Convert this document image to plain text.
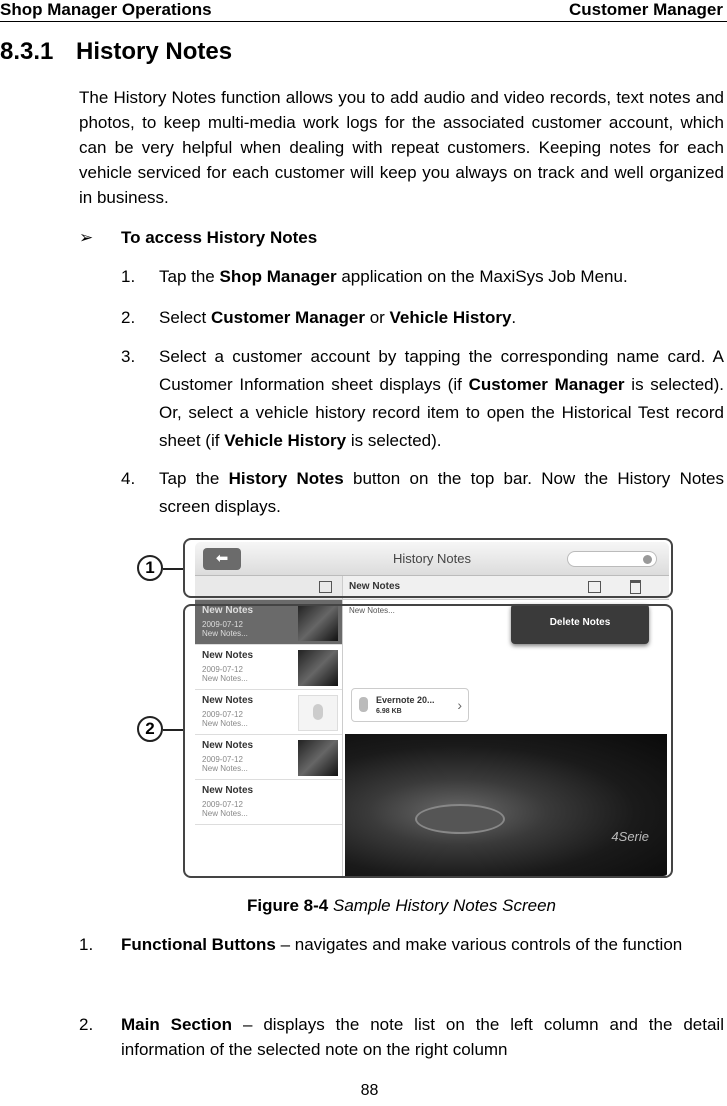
Shop Manager Operations	Customer Manager
8.3.1 History Notes
The History Notes function allows you to add audio and video records, text notes and photos, to keep multi-media work logs for the associated customer account, which can be very helpful when dealing with repeat customers. Keeping notes for each vehicle serviced for each customer will keep you always on track and well organized in business.
➢ To access History Notes
1. Tap the Shop Manager application on the MaxiSys Job Menu.
2. Select Customer Manager or Vehicle History.
3. Select a customer account by tapping the corresponding name card. A Customer Information sheet displays (if Customer Manager is selected). Or, select a vehicle history record item to open the Historical Test record sheet (if Vehicle History is selected).
4. Tap the History Notes button on the top bar. Now the History Notes screen displays.
1
2
⬅	History Notes
New Notes
2009-07-12
New Notes...
New Notes
2009-07-12
New Notes...
New Notes
2009-07-12
New Notes...
New Notes
2009-07-12
New Notes...
New Notes
2009-07-12
New Notes...
New Notes
New Notes...
Delete Notes
Evernote 20...
6.98 KB	›
4Serie
Figure 8-4 Sample History Notes Screen
1. Functional Buttons – navigates and make various controls of the function
2. Main Section – displays the note list on the left column and the detail information of the selected note on the right column
88
